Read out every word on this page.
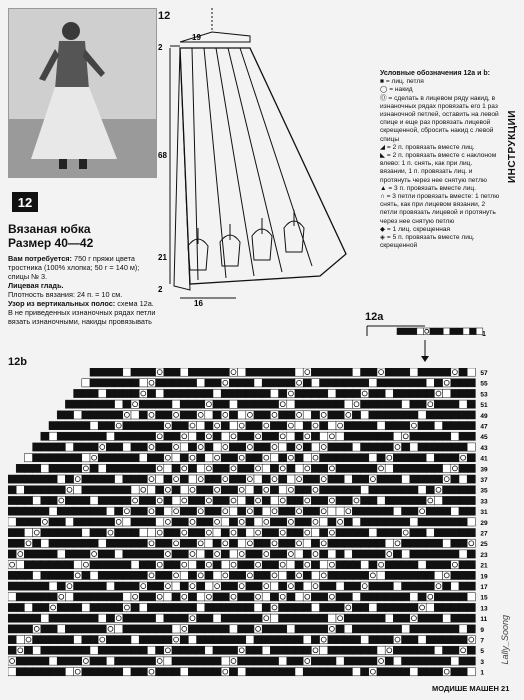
12
Вязаная юбка
Размер 40—42
Вам потребуется: 750 г пряжи цвета тростника (100% хлопка; 50 г = 140 м); спицы № 3.
Лицевая гладь.
Плотность вязания: 24 п. = 10 см.
Узор из вертикальных полос: схема 12а. В не приведенных изнаночных рядах петли вязать изнаночными, накиды провязывать
12
19
2
68
21
2
16
Условные обозначения 12а и b:
■ = лиц. петля
◯ = накид
Ⓞ = сделать в лицевом ряду накид, в изнаночных рядах провязать его 1 раз изнаночной петлей, оставить на левой спице и еще раз провязать лицевой скрещенной, сбросить накид с левой спицы
◢ = 2 п. провязать вместе лиц.
◣ = 2 п. провязать вместе с наклоном влево: 1 п. снять, как при лиц. вязании, 1 п. провязать лиц. и протянуть через нее снятую петлю
▲ = 3 п. провязать вместе лиц.
∩ = 3 петли провязать вместе: 1 петлю снять, как при лицевом вязании, 2 петли провязать лицевой и протянуть через нее снятую петлю
◆ = 1 лиц. скрещенная
◈ = 5 п. провязать вместе лиц. скрещенной
ИНСТРУКЦИИ
12а
1
12b
57
55
53
51
49
47
45
43
41
39
37
35
33
31
29
27
25
23
21
19
17
15
13
11
9
7
5
3
1
МОДИШЕ МАШЕН 21
Lally_Soong
